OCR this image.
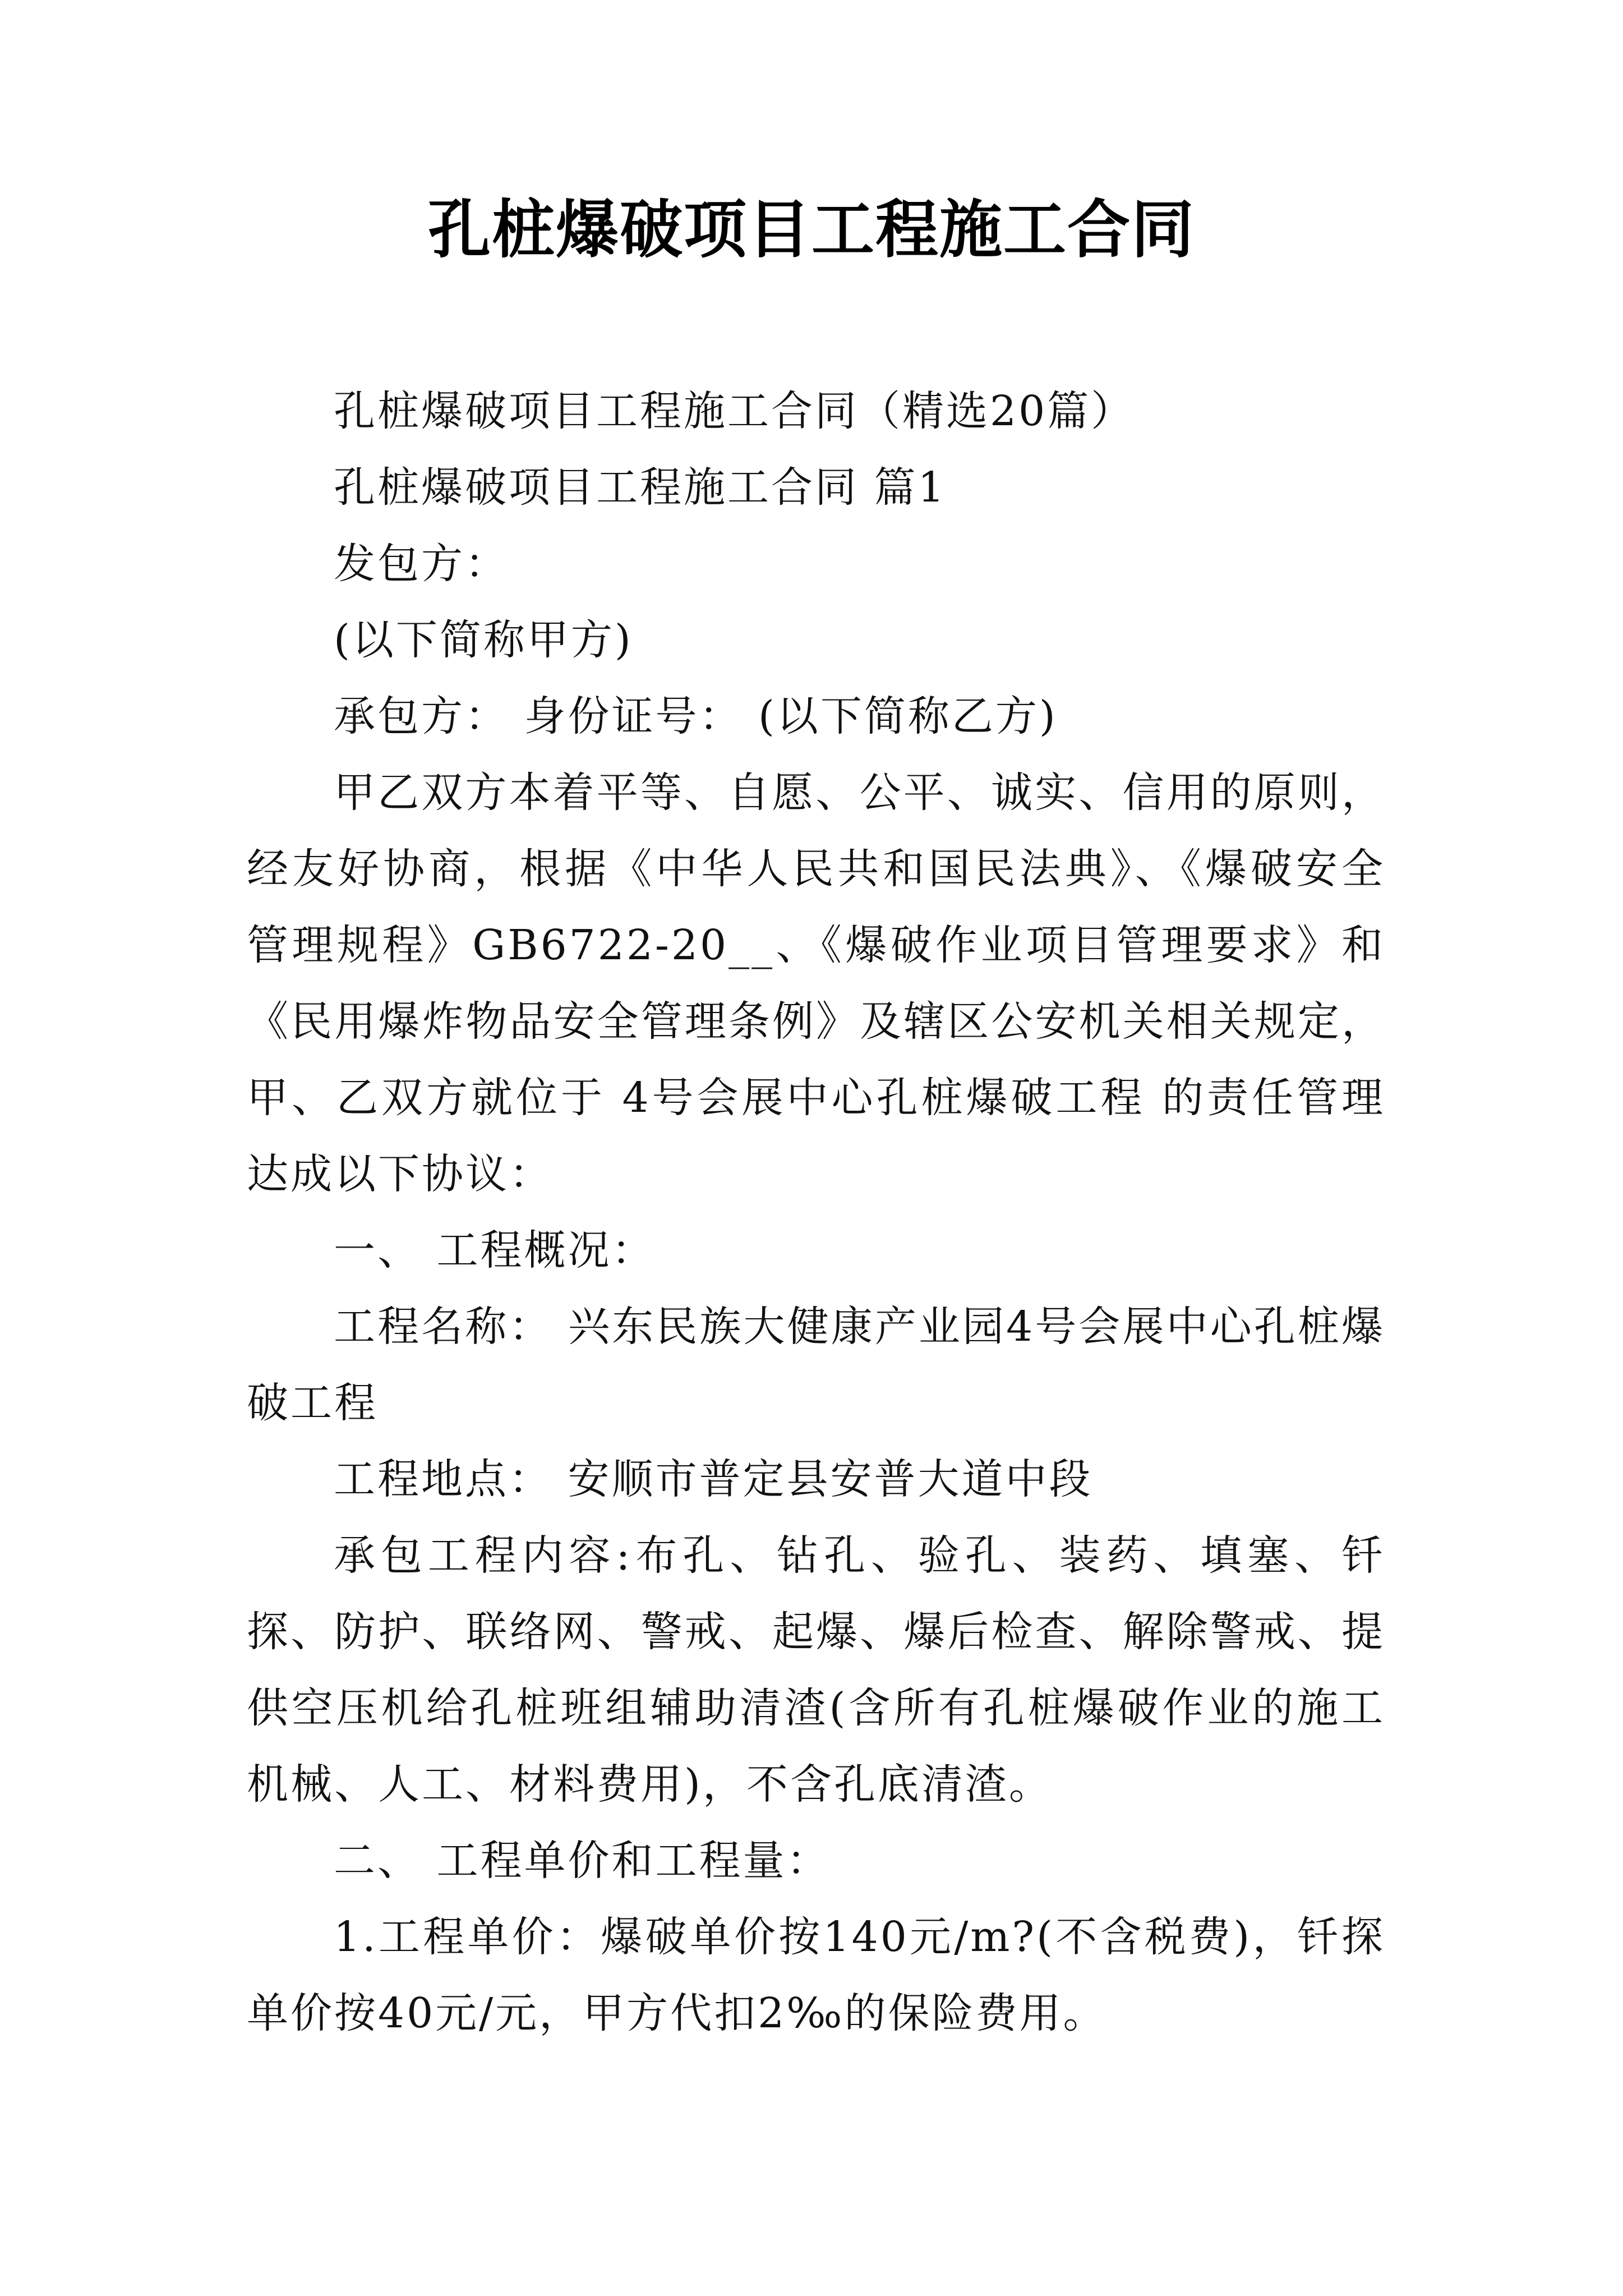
孔桩爆破项目工程施工合同

孔桩爆破项目工程施工合同（精选20篇）

孔桩爆破项目工程施工合同 篇1

发包方：

(以下简称甲方)

承包方： 身份证号： (以下简称乙方)

甲乙双方本着平等、自愿、公平、诚实、信用的原则，经友好协商，根据《中华人民共和国民法典》、《爆破安全管理规程》GB6722-20__、《爆破作业项目管理要求》和《民用爆炸物品安全管理条例》及辖区公安机关相关规定，甲、乙双方就位于 4号会展中心孔桩爆破工程 的责任管理达成以下协议：

一、 工程概况：

工程名称： 兴东民族大健康产业园4号会展中心孔桩爆破工程

工程地点： 安顺市普定县安普大道中段

承包工程内容:布孔、钻孔、验孔、装药、填塞、钎探、防护、联络网、警戒、起爆、爆后检查、解除警戒、提供空压机给孔桩班组辅助清渣(含所有孔桩爆破作业的施工机械、人工、材料费用)，不含孔底清渣。

二、 工程单价和工程量：

1.工程单价：爆破单价按140元/m?(不含税费)，钎探单价按40元/元，甲方代扣2‰的保险费用。
